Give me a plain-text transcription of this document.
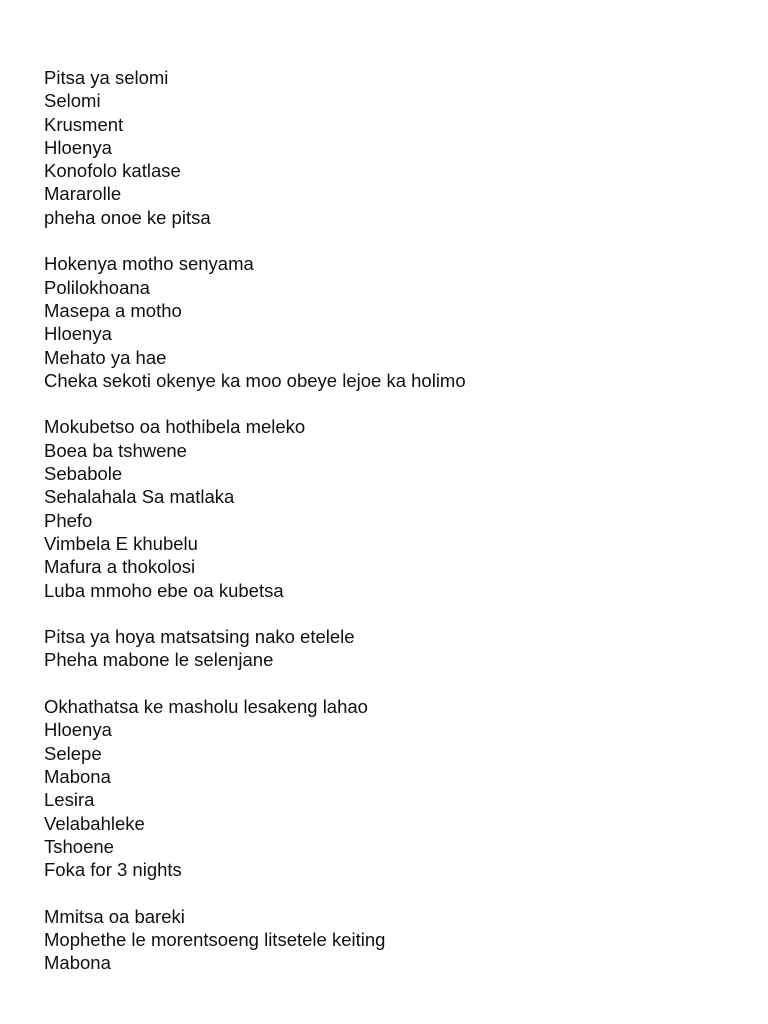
Pitsa ya selomi
Selomi
Krusment
Hloenya
Konofolo katlase
Mararolle
pheha onoe ke pitsa
Hokenya motho senyama
Polilokhoana
Masepa a motho
Hloenya
Mehato ya hae
Cheka sekoti okenye ka moo obeye lejoe ka holimo
Mokubetso oa hothibela meleko
Boea ba tshwene
Sebabole
Sehalahala Sa matlaka
Phefo
Vimbela E khubelu
Mafura a thokolosi
Luba mmoho ebe oa kubetsa
Pitsa ya hoya matsatsing nako etelele
Pheha mabone le selenjane
Okhathatsa ke masholu lesakeng lahao
Hloenya
Selepe
Mabona
Lesira
Velabahleke
Tshoene
Foka for 3 nights
Mmitsa oa bareki
Mophethe le morentsoeng litsetele keiting
Mabona
